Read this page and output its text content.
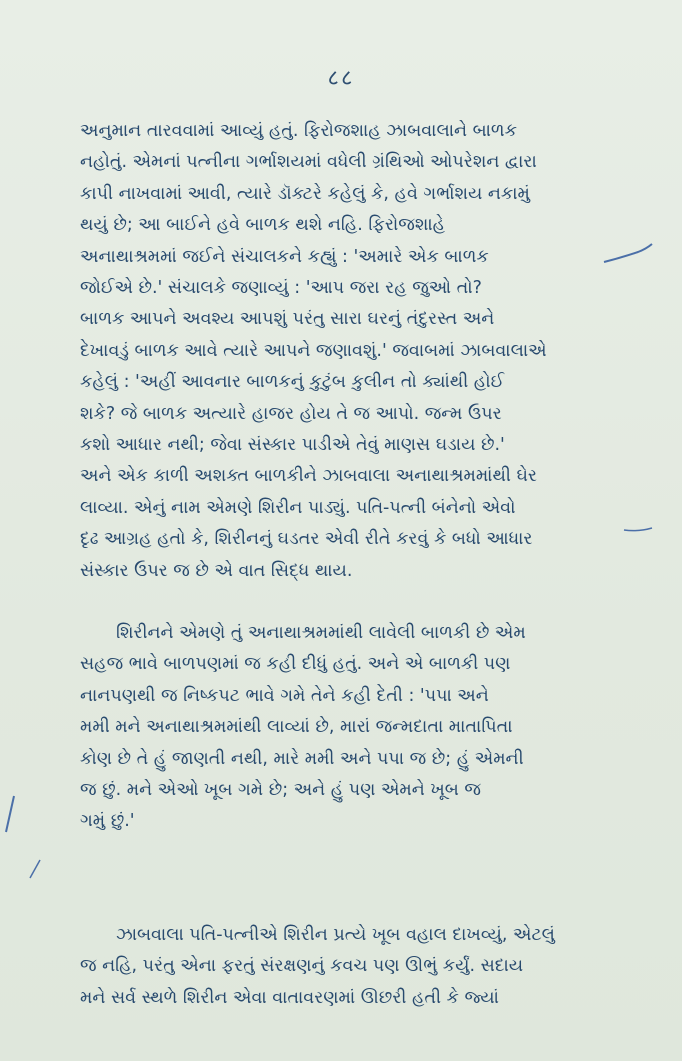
८८
અનુમાન તારવવામાં આવ્યું હતું. ફિરોજશાહ ઝાબવાલાને બાળક
નહોતું. એમનાં પત્નીના ગર્ભાશયમાં વધેલી ગ્રંથિઓ ઓપરેશન દ્વારા
કાપી નાખવામાં આવી, ત્યારે ડૉક્ટરે કહેલું કે, હવે ગર્ભાશય નકામું
થયું છે; આ બાઈને હવે બાળક થશે નહિ. ફિરોજશાહે
અનાથાશ્રમમાં જઈને સંચાલકને કહ્યું : 'અમારે એક બાળક
જોઈએ છે.' સંચાલકે જણાવ્યું : 'આપ જરા રહ જુઓ તો?
બાળક આપને અવશ્ય આપશું પરંતુ સારા ઘરનું તંદુરસ્ત અને
દેખાવડું બાળક આવે ત્યારે આપને જણાવશું.' જવાબમાં ઝાબવાલાએ
કહેલું : 'અહીં આવનાર બાળકનું કુટુંબ કુલીન તો ક્યાંથી હોઈ
શકે? જે બાળક અત્યારે હાજર હોય તે જ આપો. જન્મ ઉપર
કશો આધાર નથી; જેવા સંસ્કાર પાડીએ તેવું માણસ ઘડાય છે.'
અને એક કાળી અશક્ત બાળકીને ઝાબવાલા અનાથાશ્રમમાંથી ઘેર
લાવ્યા. એનું નામ એમણે શિરીન પાડ્યું. પતિ-પત્ની બંનેનો એવો
દૃઢ આગ્રહ હતો કે, શિરીનનું ઘડતર એવી રીતે કરવું કે બધો આધાર
સંસ્કાર ઉપર જ છે એ વાત સિદ્ધ થાય.
શિરીનને એમણે તું અનાથાશ્રમમાંથી લાવેલી બાળકી છે એમ
સહજ ભાવે બાળપણમાં જ કહી દીધું હતું. અને એ બાળકી પણ
નાનપણથી જ નિષ્કપટ ભાવે ગમે તેને કહી દેતી : 'પપા અને
મમી મને અનાથાશ્રમમાંથી લાવ્યાં છે, મારાં જન્મદાતા માતાપિતા
કોણ છે તે હું જાણતી નથી, મારે મમી અને પપા જ છે; હું એમની
જ છું. મને એઓ ખૂબ ગમે છે; અને હું પણ એમને ખૂબ જ
ગમું છું.'
ઝાબવાલા પતિ-પત્નીએ શિરીન પ્રત્યે ખૂબ વહાલ દાખવ્યું, એટલું
જ નહિ, પરંતુ એના ફરતું સંરક્ષણનું કવચ પણ ઊભું કર્યું. સદાય
મને સર્વ સ્થળે શિરીન એવા વાતાવરણમાં ઊછરી હતી કે જ્યાં
